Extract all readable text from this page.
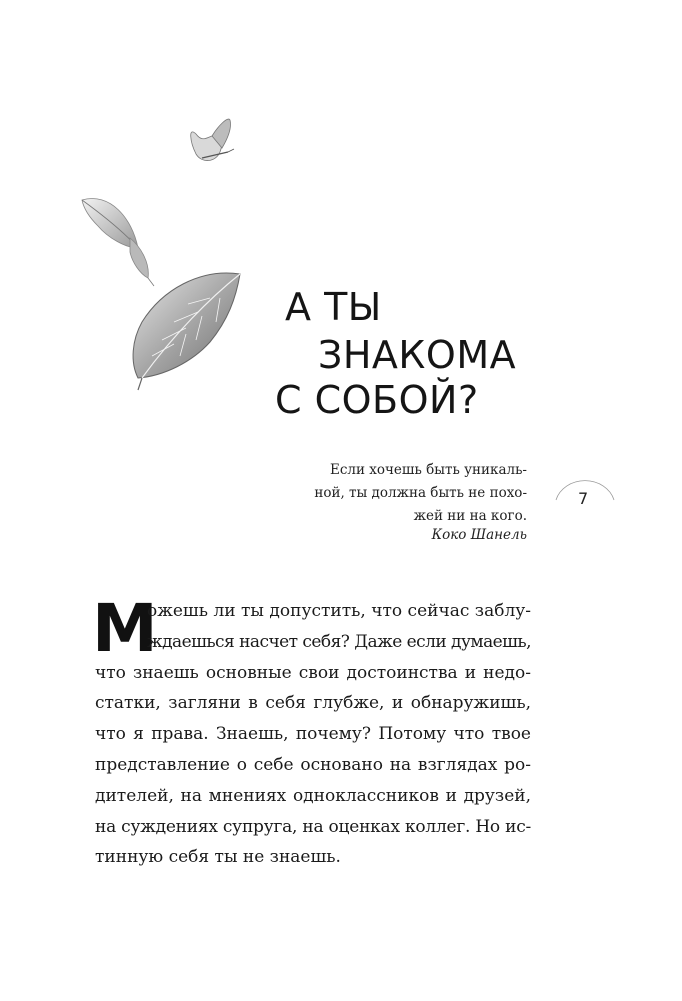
А ТЫ
ЗНАКОМА
С СОБОЙ?
Если хочешь быть уникаль-
ной, ты должна быть не похо-
жей ни на кого.
Коко Шанель
7
М
ожешь ли ты допустить, что сейчас заблу-
ждаешься насчет себя? Даже если думаешь,
что знаешь основные свои достоинства и недо-
статки, загляни в себя глубже, и обнаружишь,
что я права. Знаешь, почему? Потому что твое
представление о себе основано на взглядах ро-
дителей, на мнениях одноклассников и друзей,
на суждениях супруга, на оценках коллег. Но ис-
тинную себя ты не знаешь.
